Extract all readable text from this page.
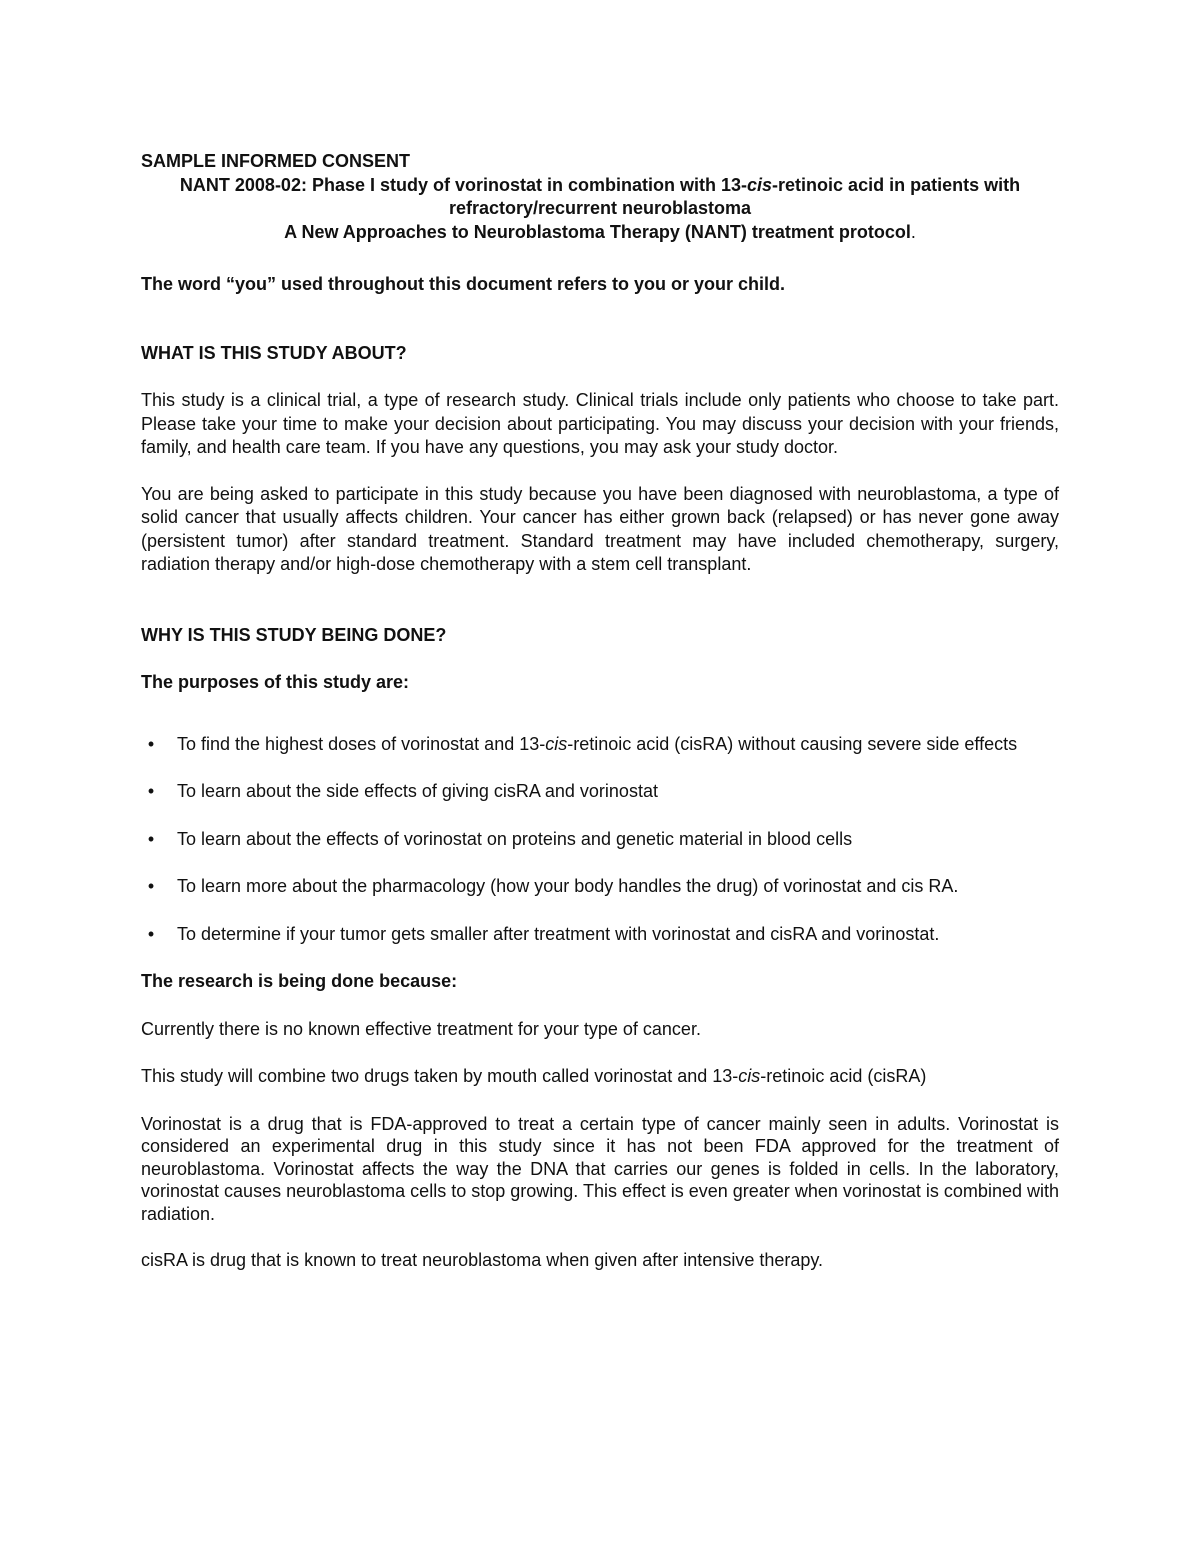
SAMPLE INFORMED CONSENT
NANT 2008-02: Phase I study of vorinostat in combination with 13-cis-retinoic acid in patients with refractory/recurrent neuroblastoma
A New Approaches to Neuroblastoma Therapy (NANT) treatment protocol.

The word “you” used throughout this document refers to you or your child.

WHAT IS THIS STUDY ABOUT?

This study is a clinical trial, a type of research study. Clinical trials include only patients who choose to take part. Please take your time to make your decision about participating. You may discuss your decision with your friends, family, and health care team. If you have any questions, you may ask your study doctor.

You are being asked to participate in this study because you have been diagnosed with neuroblastoma, a type of solid cancer that usually affects children. Your cancer has either grown back (relapsed) or has never gone away (persistent tumor) after standard treatment. Standard treatment may have included chemotherapy, surgery, radiation therapy and/or high-dose chemotherapy with a stem cell transplant.

WHY IS THIS STUDY BEING DONE?
The purposes of this study are:
• To find the highest doses of vorinostat and 13-cis-retinoic acid (cisRA) without causing severe side effects
• To learn about the side effects of giving cisRA and vorinostat
• To learn about the effects of vorinostat on proteins and genetic material in blood cells
• To learn more about the pharmacology (how your body handles the drug) of vorinostat and cis RA.
• To determine if your tumor gets smaller after treatment with vorinostat and cisRA and vorinostat.
The research is being done because:

Currently there is no known effective treatment for your type of cancer.

This study will combine two drugs taken by mouth called vorinostat and 13-cis-retinoic acid (cisRA)

Vorinostat is a drug that is FDA-approved to treat a certain type of cancer mainly seen in adults. Vorinostat is considered an experimental drug in this study since it has not been FDA approved for the treatment of neuroblastoma. Vorinostat affects the way the DNA that carries our genes is folded in cells. In the laboratory, vorinostat causes neuroblastoma cells to stop growing. This effect is even greater when vorinostat is combined with radiation.

cisRA is drug that is known to treat neuroblastoma when given after intensive therapy.
